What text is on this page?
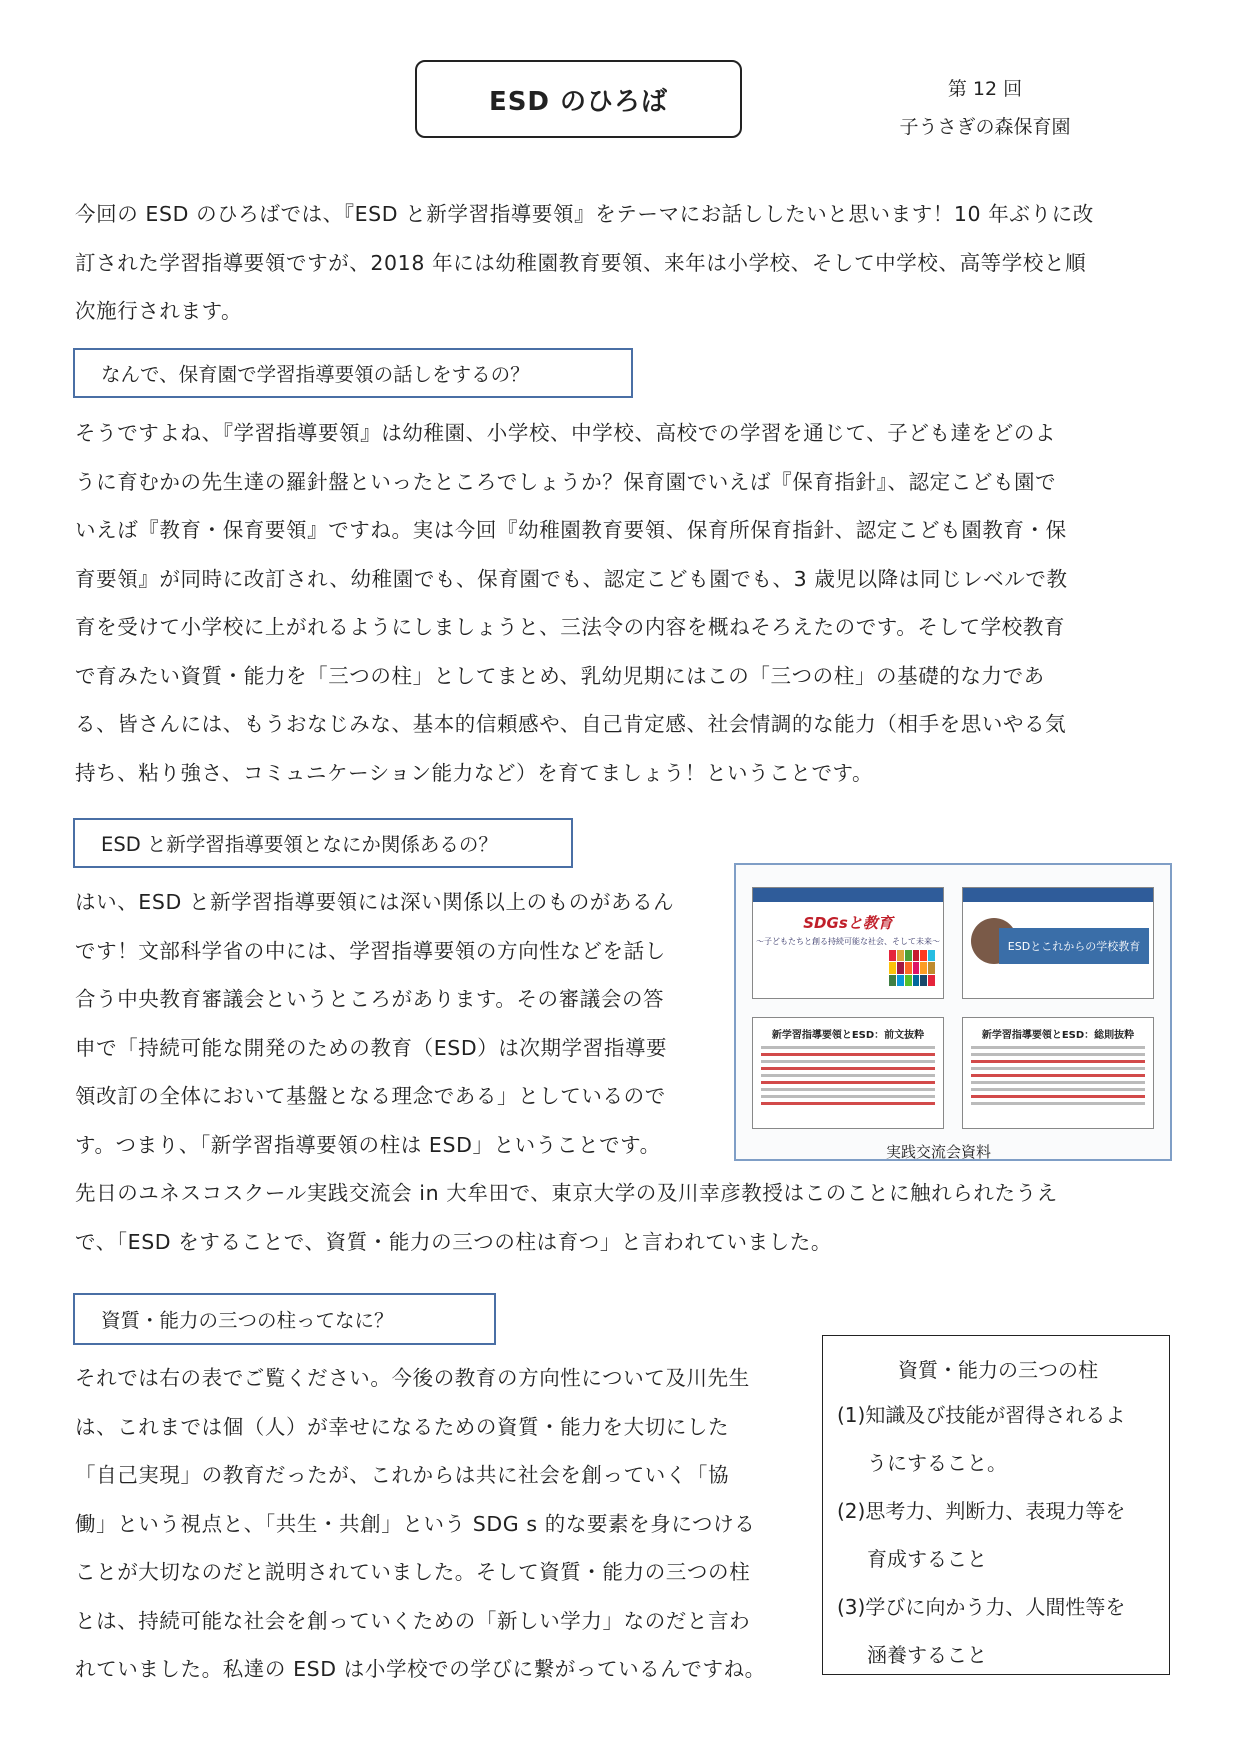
ESD のひろば	第 12 回
子うさぎの森保育園

今回の ESD のひろばでは、『ESD と新学習指導要領』をテーマにお話ししたいと思います！10 年ぶりに改

訂された学習指導要領ですが、2018 年には幼稚園教育要領、来年は小学校、そして中学校、高等学校と順

次施行されます。

なんで、保育園で学習指導要領の話しをするの？

そうですよね、『学習指導要領』は幼稚園、小学校、中学校、高校での学習を通じて、子ども達をどのよ

うに育むかの先生達の羅針盤といったところでしょうか？保育園でいえば『保育指針』、認定こども園で

いえば『教育・保育要領』ですね。実は今回『幼稚園教育要領、保育所保育指針、認定こども園教育・保

育要領』が同時に改訂され、幼稚園でも、保育園でも、認定こども園でも、3 歳児以降は同じレベルで教

育を受けて小学校に上がれるようにしましょうと、三法令の内容を概ねそろえたのです。そして学校教育

で育みたい資質・能力を「三つの柱」としてまとめ、乳幼児期にはこの「三つの柱」の基礎的な力であ

る、皆さんには、もうおなじみな、基本的信頼感や、自己肯定感、社会情調的な能力（相手を思いやる気

持ち、粘り強さ、コミュニケーション能力など）を育てましょう！ということです。

ESD と新学習指導要領となにか関係あるの？

はい、ESD と新学習指導要領には深い関係以上のものがあるん

です！文部科学省の中には、学習指導要領の方向性などを話し

合う中央教育審議会というところがあります。その審議会の答

申で「持続可能な開発のための教育（ESD）は次期学習指導要

領改訂の全体において基盤となる理念である」としているので

す。つまり、「新学習指導要領の柱は ESD」ということです。

先日のユネスコスクール実践交流会 in 大牟田で、東京大学の及川幸彦教授はこのことに触れられたうえ

で、「ESD をすることで、資質・能力の三つの柱は育つ」と言われていました。

SDGsと教育
〜子どもたちと創る持続可能な社会、そして未来〜	ESDとこれからの学校教育
新学習指導要領とESD：前文抜粋	新学習指導要領とESD：総則抜粋
実践交流会資料
資質・能力の三つの柱ってなに？

それでは右の表でご覧ください。今後の教育の方向性について及川先生

は、これまでは個（人）が幸せになるための資質・能力を大切にした

「自己実現」の教育だったが、これからは共に社会を創っていく「協

働」という視点と、「共生・共創」という SDG s 的な要素を身につける

ことが大切なのだと説明されていました。そして資質・能力の三つの柱

とは、持続可能な社会を創っていくための「新しい学力」なのだと言わ

れていました。私達の ESD は小学校での学びに繋がっているんですね。

資質・能力の三つの柱

(1)知識及び技能が習得されるよ
うにすること。

(2)思考力、判断力、表現力等を
育成すること

(3)学びに向かう力、人間性等を
涵養すること
